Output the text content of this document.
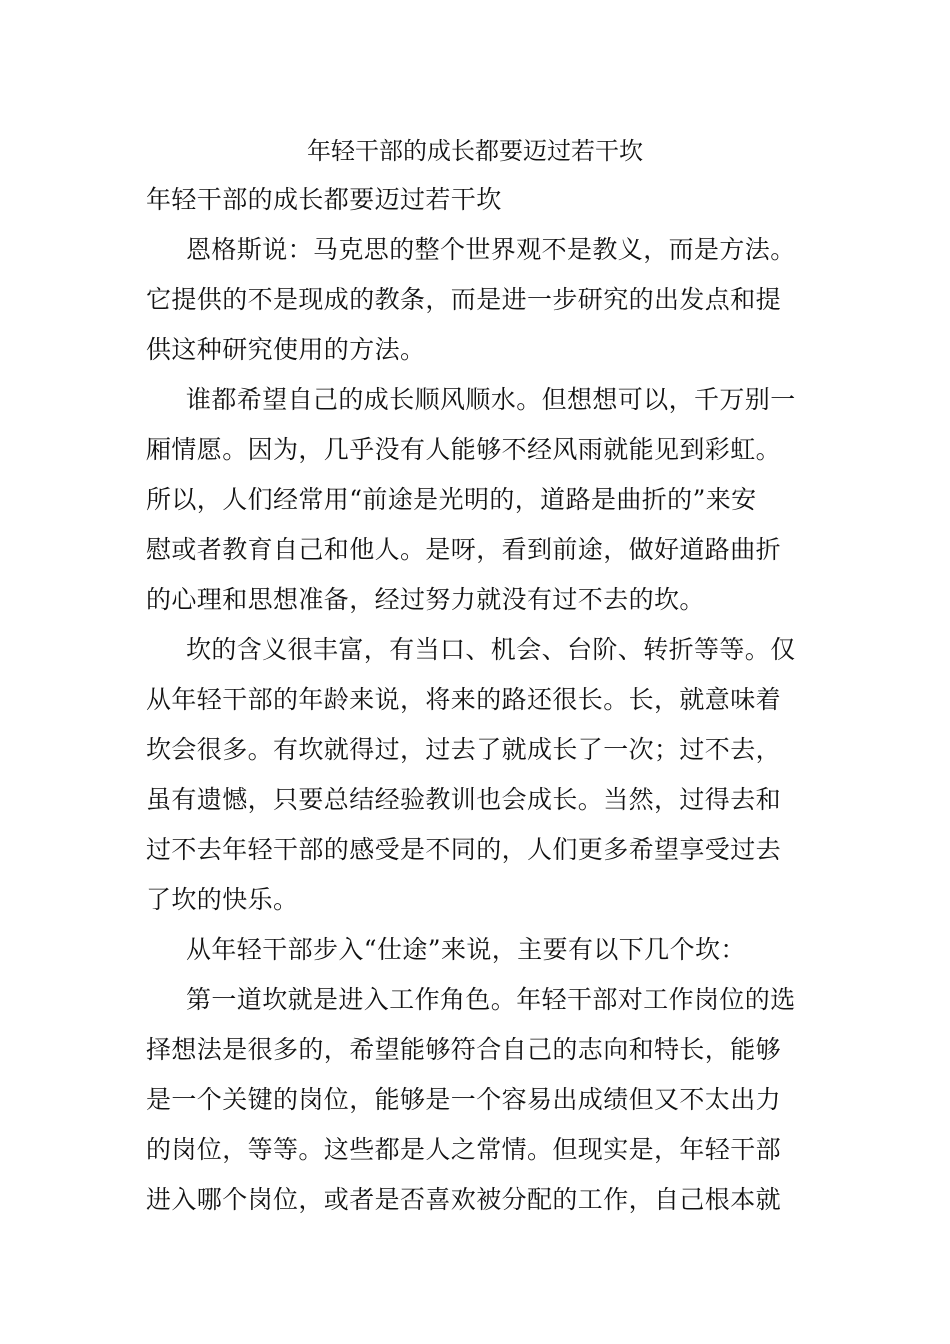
年轻干部的成长都要迈过若干坎
年轻干部的成长都要迈过若干坎
恩格斯说：马克思的整个世界观不是教义，而是方法。
它提供的不是现成的教条，而是进一步研究的出发点和提
供这种研究使用的方法。
谁都希望自己的成长顺风顺水。但想想可以，千万别一
厢情愿。因为，几乎没有人能够不经风雨就能见到彩虹。
所以，人们经常用“前途是光明的，道路是曲折的”来安
慰或者教育自己和他人。是呀，看到前途，做好道路曲折
的心理和思想准备，经过努力就没有过不去的坎。
坎的含义很丰富，有当口、机会、台阶、转折等等。仅
从年轻干部的年龄来说，将来的路还很长。长，就意味着
坎会很多。有坎就得过，过去了就成长了一次；过不去，
虽有遗憾，只要总结经验教训也会成长。当然，过得去和
过不去年轻干部的感受是不同的，人们更多希望享受过去
了坎的快乐。
从年轻干部步入“仕途”来说，主要有以下几个坎：
第一道坎就是进入工作角色。年轻干部对工作岗位的选
择想法是很多的，希望能够符合自己的志向和特长，能够
是一个关键的岗位，能够是一个容易出成绩但又不太出力
的岗位，等等。这些都是人之常情。但现实是，年轻干部
进入哪个岗位，或者是否喜欢被分配的工作，自己根本就
